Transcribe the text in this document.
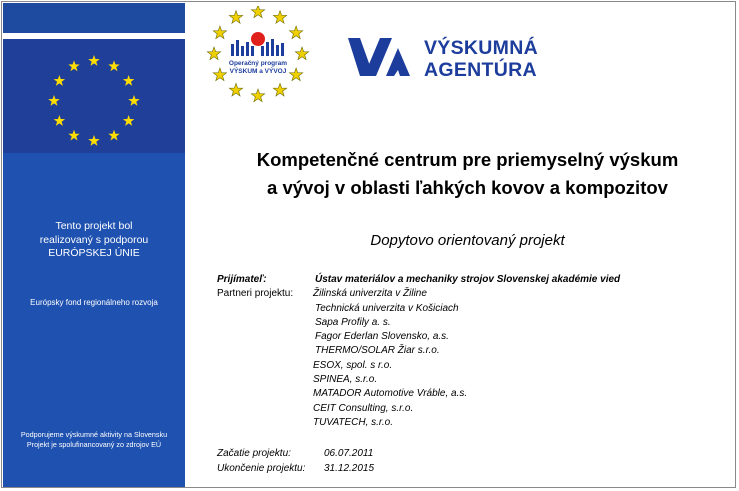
Tento projekt bol
realizovaný s podporou
EURÓPSKEJ ÚNIE
Európsky fond regionálneho rozvoja
Podporujeme výskumné aktivity na Slovensku
Projekt je spolufinancovaný zo zdrojov EÚ
Operačný program
VÝSKUM a VÝVOJ
VÝSKUMNÁ
AGENTÚRA
Kompetenčné centrum pre priemyselný výskum
a vývoj v oblasti ľahkých kovov a kompozitov
Dopytovo orientovaný projekt
Prijímateľ:	Ústav materiálov a mechaniky strojov Slovenskej akadémie vied
Partneri projektu: Žilinská univerzita v Žiline
Technická univerzita v Košiciach
Sapa Profily a. s.
Fagor Ederlan Slovensko, a.s.
THERMO/SOLAR Žiar s.r.o.
ESOX, spol. s r.o.
SPINEA, s.r.o.
MATADOR Automotive Vráble, a.s.
CEIT Consulting, s.r.o.
TUVATECH, s.r.o.
Začatie projektu:	06.07.2011
Ukončenie projektu: 31.12.2015
